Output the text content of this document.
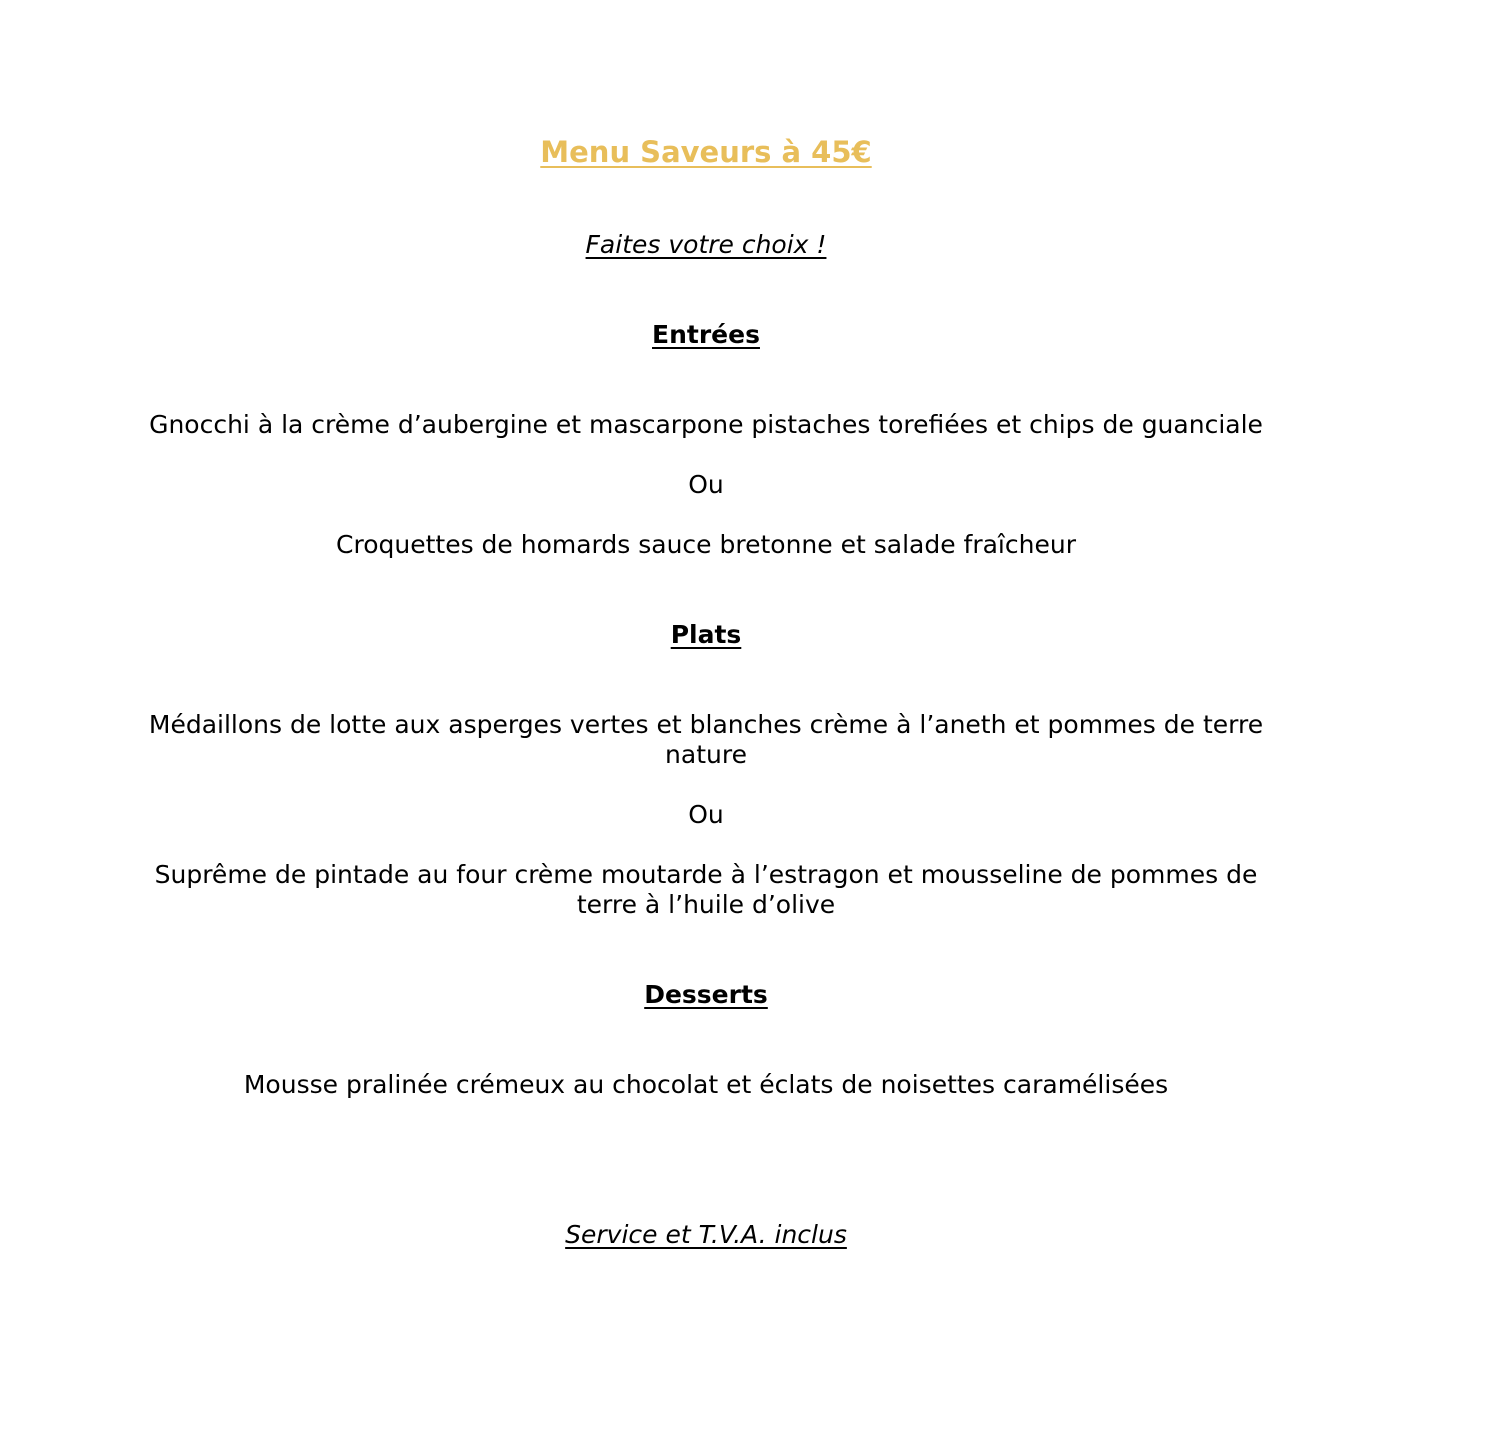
Menu Saveurs à 45€
Faites votre choix !
Entrées
Gnocchi à la crème d’aubergine et mascarpone pistaches torefiées et chips de guanciale
Ou
Croquettes de homards sauce bretonne et salade fraîcheur
Plats
Médaillons de lotte aux asperges vertes et blanches crème à l’aneth et pommes de terre
nature
Ou
Suprême de pintade au four crème moutarde à l’estragon et mousseline de pommes de
terre à l’huile d’olive
Desserts
Mousse pralinée crémeux au chocolat et éclats de noisettes caramélisées
Service et T.V.A. inclus
